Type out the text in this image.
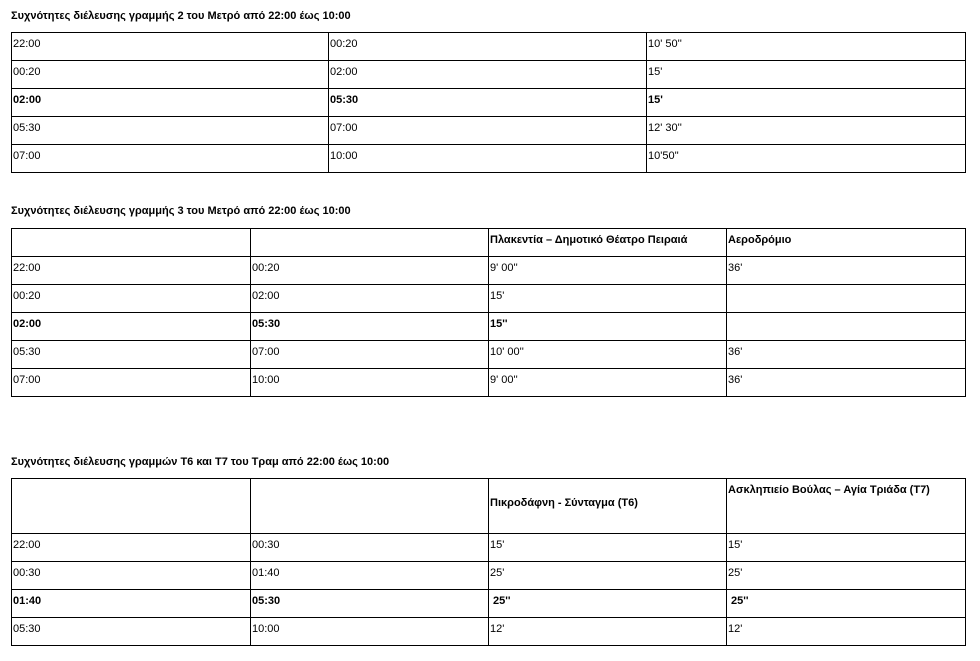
Συχνότητες διέλευσης γραμμής 2 του Μετρό από 22:00 έως 10:00
22:00	00:20	10' 50''

00:20	02:00	15'

02:00	05:30	15'

05:30	07:00	12' 30''

07:00	10:00	10'50''
Συχνότητες διέλευσης γραμμής 3 του Μετρό από 22:00 έως 10:00

		Πλακεντία – Δημοτικό Θέατρο Πειραιά	Αεροδρόμιο

22:00	00:20	9' 00''	36'

00:20	02:00	15'	

02:00	05:30	15''	

05:30	07:00	10' 00''	36'

07:00	10:00	9' 00''	36'
Συχνότητες διέλευσης γραμμών Τ6 και Τ7 του Τραμ από 22:00 έως 10:00

		Πικροδάφνη - Σύνταγμα (Τ6)	Ασκληπιείο Βούλας – Αγία Τριάδα (Τ7)

22:00	00:30	15'	15'

00:30	01:40	25'	25'

01:40	05:30	25''	25''

05:30	10:00	12'	12'
